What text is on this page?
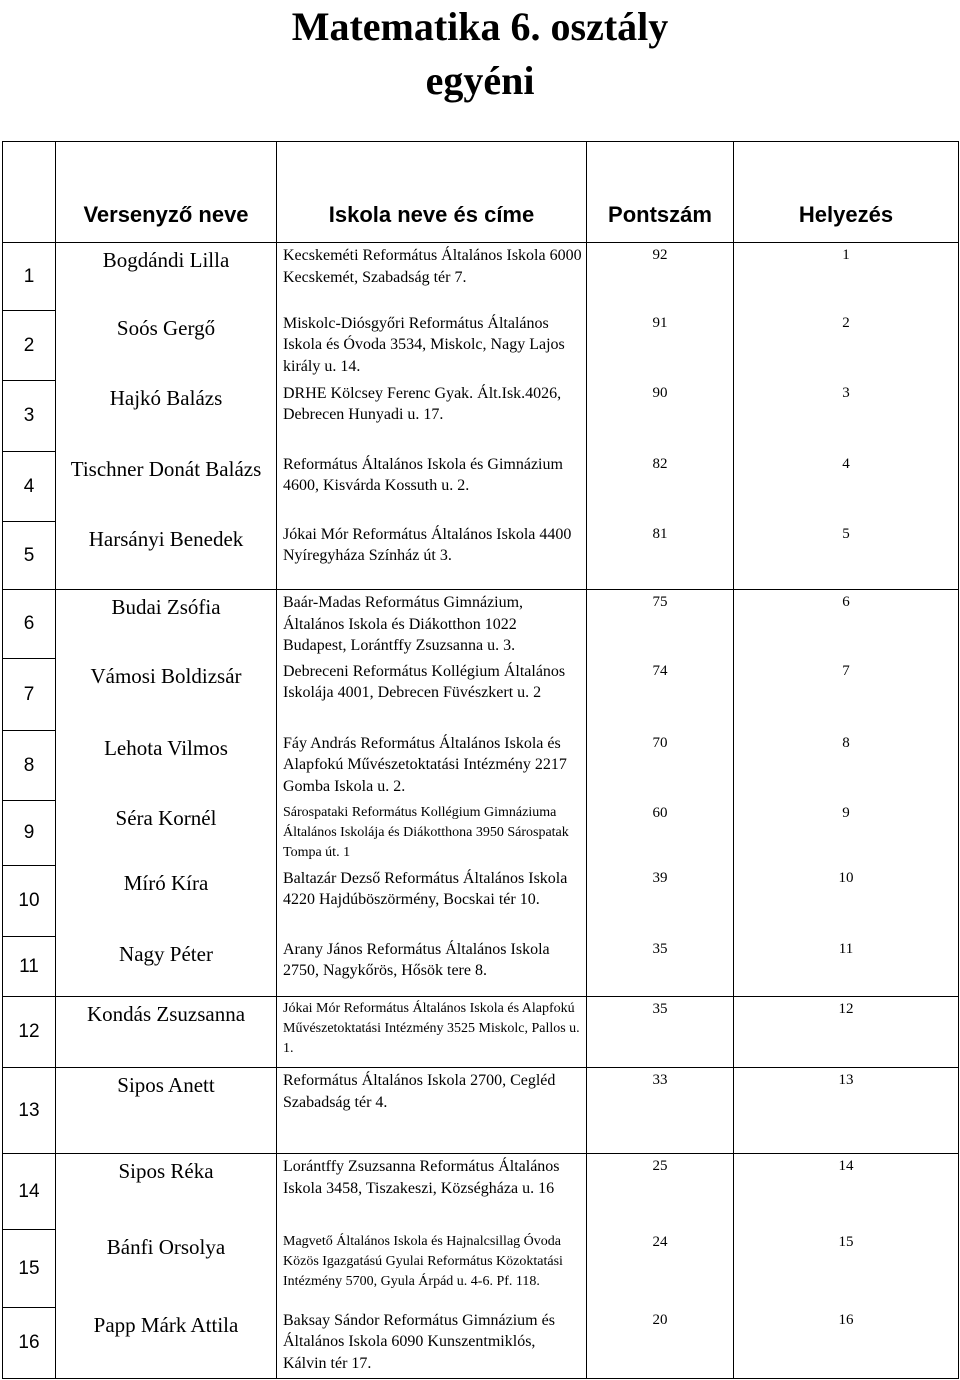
Matematika 6. osztály
egyéni
	Versenyző neve	Iskola neve és címe	Pontszám	Helyezés
1	Bogdándi Lilla	Kecskeméti Református Általános Iskola 6000 Kecskemét, Szabadság tér 7.	92	1
2	Soós Gergő	Miskolc-Diósgyőri Református Általános Iskola és Óvoda 3534, Miskolc, Nagy Lajos király u. 14.	91	2
3	Hajkó Balázs	DRHE Kölcsey Ferenc Gyak. Ált.Isk.4026, Debrecen Hunyadi u. 17.	90	3
4	Tischner Donát Balázs	Református Általános Iskola és Gimnázium 4600, Kisvárda Kossuth u. 2.	82	4
5	Harsányi Benedek	Jókai Mór Református Általános Iskola 4400 Nyíregyháza Színház út 3.	81	5
6	Budai Zsófia	Baár-Madas Református Gimnázium, Általános Iskola és Diákotthon 1022 Budapest, Lorántffy Zsuzsanna u. 3.	75	6
7	Vámosi Boldizsár	Debreceni Református Kollégium Általános Iskolája 4001, Debrecen Füvészkert u. 2	74	7
8	Lehota Vilmos	Fáy András Református Általános Iskola és Alapfokú Művészetoktatási Intézmény 2217 Gomba Iskola u. 2.	70	8
9	Séra Kornél	Sárospataki Református Kollégium Gimnáziuma Általános Iskolája és Diákotthona 3950 Sárospatak Tompa út. 1	60	9
10	Míró Kíra	Baltazár Dezső Református Általános Iskola 4220 Hajdúböszörmény, Bocskai tér 10.	39	10
11	Nagy Péter	Arany János Református Általános Iskola 2750, Nagykőrös, Hősök tere 8.	35	11
12	Kondás Zsuzsanna	Jókai Mór Református Általános Iskola és Alapfokú Művészetoktatási Intézmény 3525 Miskolc, Pallos u. 1.	35	12
13	Sipos Anett	Református Általános Iskola 2700, Cegléd Szabadság tér 4.	33	13
14	Sipos Réka	Lorántffy Zsuzsanna Református Általános Iskola 3458, Tiszakeszi, Községháza u. 16	25	14
15	Bánfi Orsolya	Magvető Általános Iskola és Hajnalcsillag Óvoda Közös Igazgatású Gyulai Református Közoktatási Intézmény 5700, Gyula Árpád u. 4-6. Pf. 118.	24	15
16	Papp Márk Attila	Baksay Sándor Református Gimnázium és Általános Iskola 6090 Kunszentmiklós, Kálvin tér 17.	20	16
